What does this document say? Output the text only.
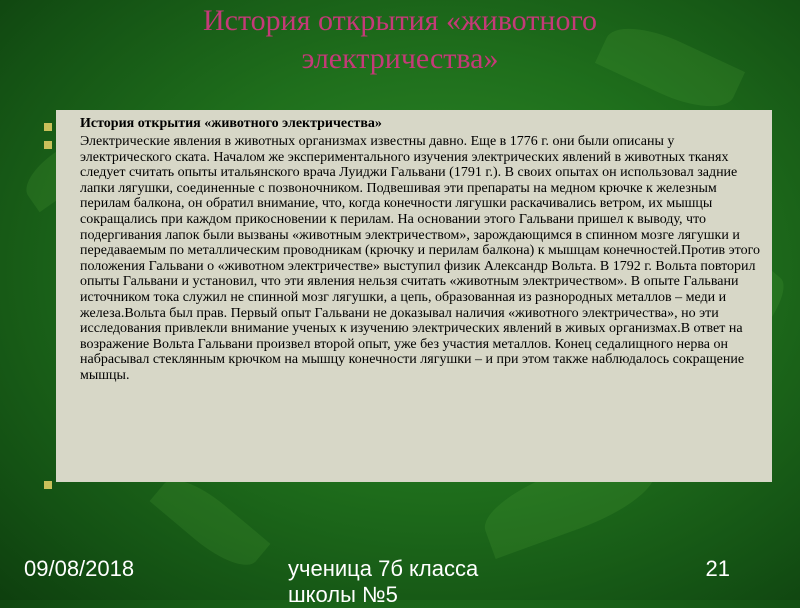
История открытия «животного электричества»
История открытия «животного электричества»
Электрические явления в животных организмах известны давно. Еще в 1776 г. они были описаны у электрического ската. Началом же экспериментального изучения электрических явлений в животных тканях следует считать опыты итальянского врача Луиджи Гальвани (1791 г.). В своих опытах он использовал задние лапки лягушки, соединенные с позвоночником. Подвешивая эти препараты на медном крючке к железным перилам балкона, он обратил внимание, что, когда конечности лягушки раскачивались ветром, их мышцы сокращались при каждом прикосновении к перилам. На основании этого Гальвани пришел к выводу, что подергивания лапок были вызваны «животным электричеством», зарождающимся в спинном мозге лягушки и передаваемым по металлическим проводникам (крючку и перилам балкона) к мышцам конечностей.Против этого положения Гальвани о «животном электричестве» выступил физик Александр Вольта. В 1792 г. Вольта повторил опыты Гальвани и установил, что эти явления нельзя считать «животным электричеством». В опыте Гальвани источником тока служил не спинной мозг лягушки, а цепь, образованная из разнородных металлов – меди и железа.Вольта был прав. Первый опыт Гальвани не доказывал наличия «животного электричества», но эти исследования привлекли внимание ученых к изучению электрических явлений в живых организмах.В ответ на возражение Вольта Гальвани произвел второй опыт, уже без участия металлов. Конец седалищного нерва он набрасывал стеклянным крючком на мышцу конечности лягушки – и при этом также наблюдалось сокращение мышцы.
09/08/2018	ученица 7б класса школы №5
21
